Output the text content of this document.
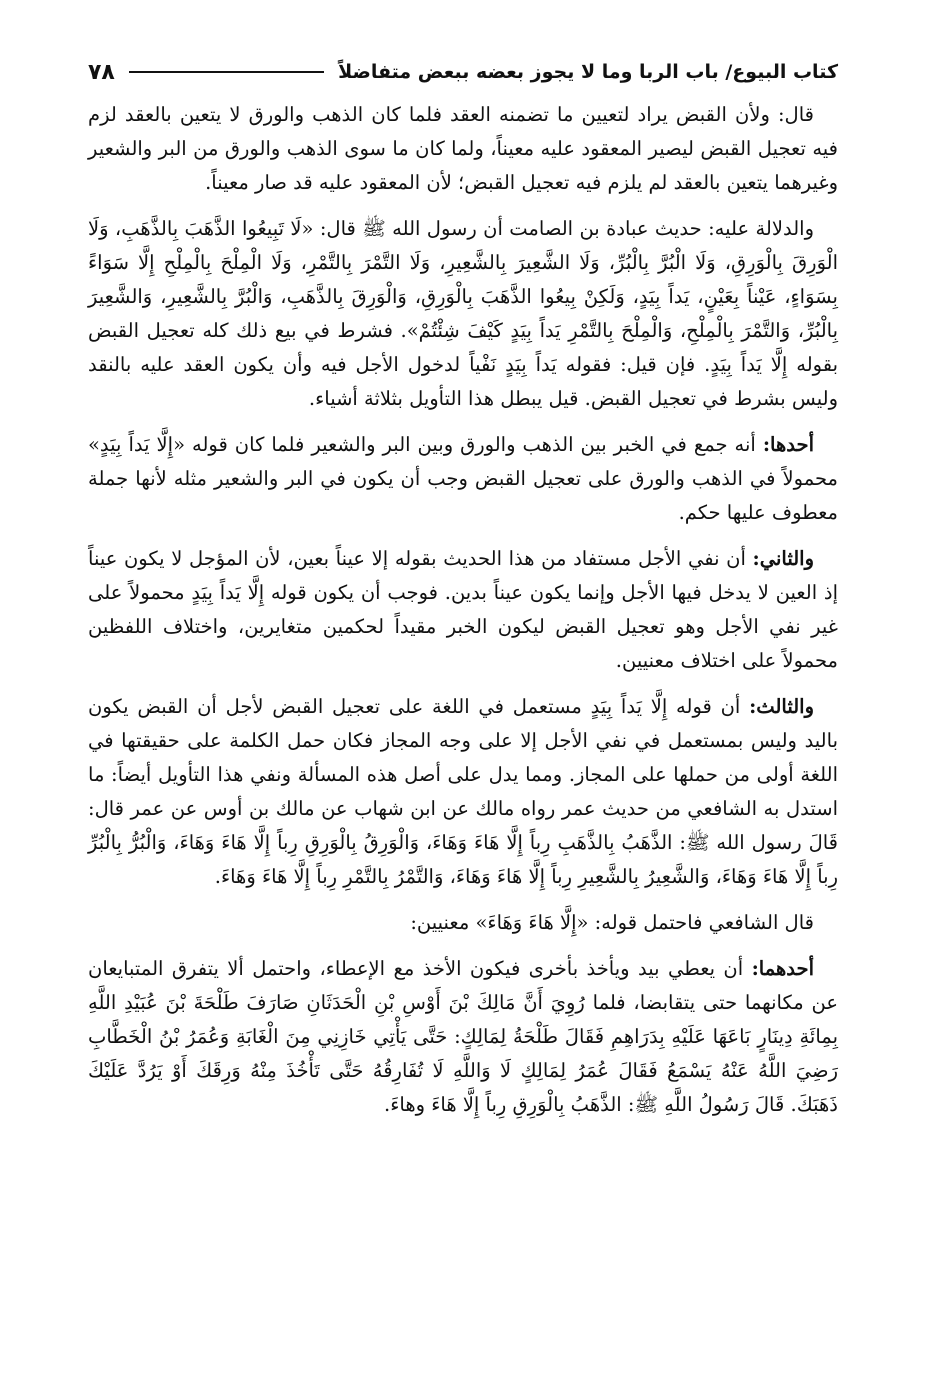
كتاب البيوع/ باب الربا وما لا يجوز بعضه ببعض متفاضلاً
٧٨

قال: ولأن القبض يراد لتعيين ما تضمنه العقد فلما كان الذهب والورق لا يتعين بالعقد لزم فيه تعجيل القبض ليصير المعقود عليه معيناً، ولما كان ما سوى الذهب والورق من البر والشعير وغيرهما يتعين بالعقد لم يلزم فيه تعجيل القبض؛ لأن المعقود عليه قد صار معيناً.

والدلالة عليه: حديث عبادة بن الصامت أن رسول الله ﷺ قال: «لَا تَبِيعُوا الذَّهَبَ بِالذَّهَبِ، وَلَا الْوَرِقَ بِالْوَرِقِ، وَلَا الْبُرَّ بِالْبُرِّ، وَلَا الشَّعِيرَ بِالشَّعِيرِ، وَلَا التَّمْرَ بِالتَّمْرِ، وَلَا الْمِلْحَ بِالْمِلْحِ إِلَّا سَوَاءً بِسَوَاءٍ، عَيْناً بِعَيْنٍ، يَداً بِيَدٍ، وَلَكِنْ بِيعُوا الذَّهَبَ بِالْوَرِقِ، وَالْوَرِقَ بِالذَّهَبِ، وَالْبُرَّ بِالشَّعِيرِ، وَالشَّعِيرَ بِالْبُرِّ، وَالتَّمْرَ بِالْمِلْحِ، وَالْمِلْحَ بِالتَّمْرِ يَداً بِيَدٍ كَيْفَ شِئْتُمْ». فشرط في بيع ذلك كله تعجيل القبض بقوله إِلَّا يَداً بِيَدٍ. فإن قيل: فقوله يَداً بِيَدٍ نَفْياً لدخول الأجل فيه وأن يكون العقد عليه بالنقد وليس بشرط في تعجيل القبض. قيل يبطل هذا التأويل بثلاثة أشياء.

أحدها: أنه جمع في الخبر بين الذهب والورق وبين البر والشعير فلما كان قوله «إِلَّا يَداً بِيَدٍ» محمولاً في الذهب والورق على تعجيل القبض وجب أن يكون في البر والشعير مثله لأنها جملة معطوف عليها حكم.

والثاني: أن نفي الأجل مستفاد من هذا الحديث بقوله إلا عيناً بعين، لأن المؤجل لا يكون عيناً إذ العين لا يدخل فيها الأجل وإنما يكون عيناً بدين. فوجب أن يكون قوله إِلَّا يَداً بِيَدٍ محمولاً على غير نفي الأجل وهو تعجيل القبض ليكون الخبر مقيداً لحكمين متغايرين، واختلاف اللفظين محمولاً على اختلاف معنيين.

والثالث: أن قوله إِلَّا يَداً بِيَدٍ مستعمل في اللغة على تعجيل القبض لأجل أن القبض يكون باليد وليس بمستعمل في نفي الأجل إلا على وجه المجاز فكان حمل الكلمة على حقيقتها في اللغة أولى من حملها على المجاز. ومما يدل على أصل هذه المسألة ونفي هذا التأويل أيضاً: ما استدل به الشافعي من حديث عمر رواه مالك عن ابن شهاب عن مالك بن أوس عن عمر قال: قَالَ رسول الله ﷺ: الذَّهَبُ بِالذَّهَبِ رِباً إِلَّا هَاءَ وَهَاءَ، وَالْوَرِقُ بِالْوَرِقِ رِباً إِلَّا هَاءَ وَهَاءَ، وَالْبُرُّ بِالْبُرِّ رِباً إِلَّا هَاءَ وَهَاءَ، وَالشَّعِيرُ بِالشَّعِيرِ رِباً إِلَّا هَاءَ وَهَاءَ، وَالتَّمْرُ بِالتَّمْرِ رِباً إِلَّا هَاءَ وَهَاءَ.

قال الشافعي فاحتمل قوله: «إِلَّا هَاءَ وَهَاءَ» معنيين:

أحدهما: أن يعطي بيد ويأخذ بأخرى فيكون الأخذ مع الإعطاء، واحتمل ألا يتفرق المتبايعان عن مكانهما حتى يتقابضا، فلما رُوِيَ أَنَّ مَالِكَ بْنَ أَوْسِ بْنِ الْحَدَثَانِ صَارَفَ طَلْحَةَ بْنَ عُبَيْدِ اللَّهِ بِمِائَةِ دِينَارٍ بَاعَهَا عَلَيْهِ بِدَرَاهِمِ فَقَالَ طَلْحَةُ لِمَالِكٍ: حَتَّى يَأْتِي خَازِنِي مِنَ الْغَابَةِ وَعُمَرُ بْنُ الْخَطَّابِ رَضِيَ اللَّهُ عَنْهُ يَسْمَعُ فَقَالَ عُمَرُ لِمَالِكٍ لَا وَاللَّهِ لَا تُفَارِقُهُ حَتَّى تَأْخُذَ مِنْهُ وَرِقَكَ أَوْ يَرُدَّ عَلَيْكَ ذَهَبَكَ. قَالَ رَسُولُ اللَّهِ ﷺ: الذَّهَبُ بِالْوَرِقِ رِباً إِلَّا هَاءَ وهاءَ.
